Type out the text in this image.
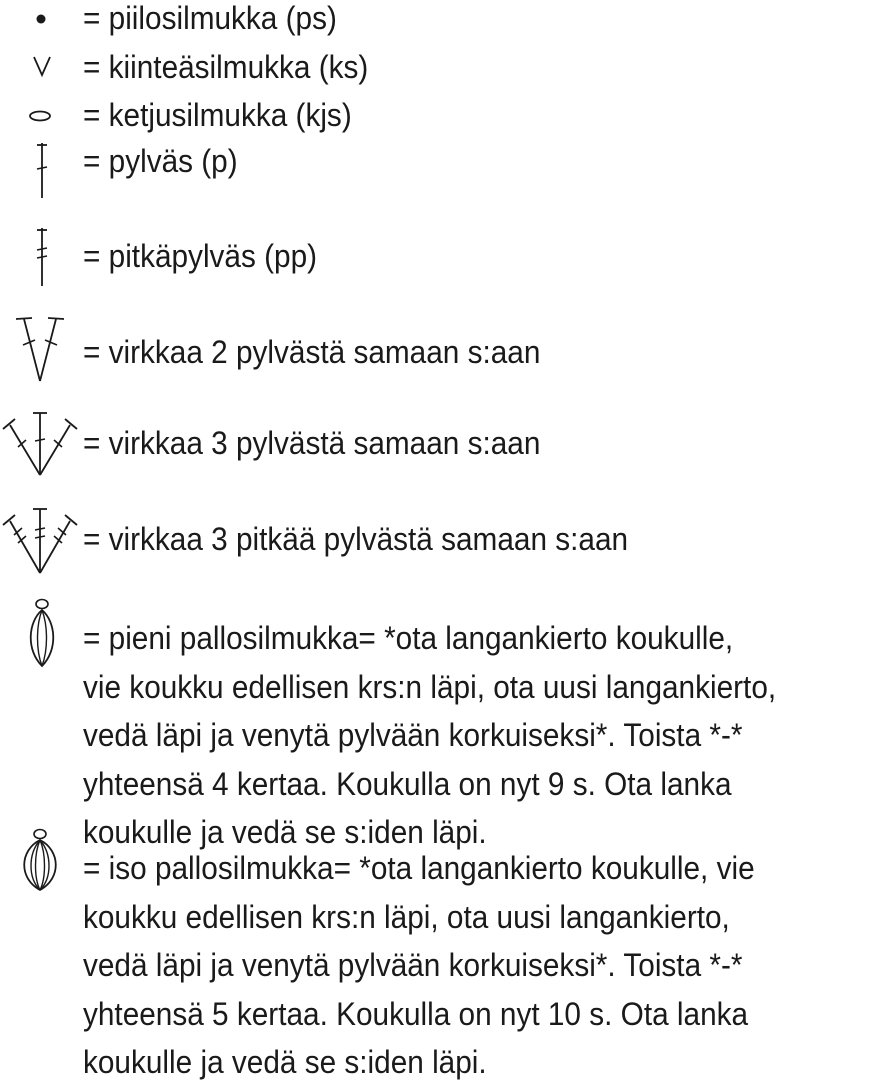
= piilosilmukka (ps)
= kiinteäsilmukka (ks)
= ketjusilmukka (kjs)
= pylväs (p)
= pitkäpylväs (pp)
= virkkaa 2 pylvästä samaan s:aan
= virkkaa 3 pylvästä samaan s:aan
= virkkaa 3 pitkää pylvästä samaan s:aan
= pieni pallosilmukka= *ota langankierto koukulle,
vie koukku edellisen krs:n läpi, ota uusi langankierto,
vedä läpi ja venytä pylvään korkuiseksi*. Toista *-*
yhteensä 4 kertaa. Koukulla on nyt 9 s. Ota lanka
koukulle ja vedä se s:iden läpi.
= iso pallosilmukka= *ota langankierto koukulle, vie
koukku edellisen krs:n läpi, ota uusi langankierto,
vedä läpi ja venytä pylvään korkuiseksi*. Toista *-*
yhteensä 5 kertaa. Koukulla on nyt 10 s. Ota lanka
koukulle ja vedä se s:iden läpi.
